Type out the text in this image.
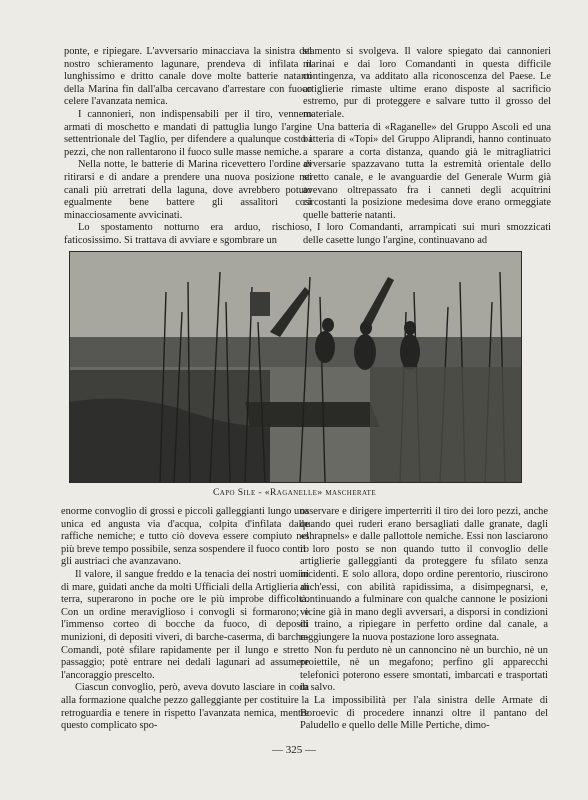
ponte, e ripiegare. L'avversario minacciava la sinistra del nostro schieramento lagunare, prendeva di infilata il lunghissimo e dritto canale dove molte batterie natanti della Marina fin dall'alba cercavano d'arrestare con fuoco celere l'avanzata nemica.

I cannonieri, non indispensabili per il tiro, vennero armati di moschetto e mandati di pattuglia lungo l'argine settentrionale del Taglio, per difendere a qualunque costo i pezzi, che non rallentarono il fuoco sulle masse nemiche.

Nella notte, le batterie di Marina ricevettero l'ordine di ritirarsi e di andare a prendere una nuova posizione nei canali più arretrati della laguna, dove avrebbero potuto egualmente bene battere gli assalitori così minacciosamente avvicinati.

Lo spostamento notturno era arduo, rischioso, faticosissimo. Si trattava di avviare e sgombrare un

stamento si svolgeva. Il valore spiegato dai cannonieri marinai e dai loro Comandanti in questa difficile contingenza, va additato alla riconoscenza del Paese. Le artiglierie rimaste ultime erano disposte al sacrificio estremo, pur di proteggere e salvare tutto il grosso del materiale.

Una batteria di «Raganelle» del Gruppo Ascoli ed una batteria di «Topi» del Gruppo Aliprandi, hanno continuato a sparare a corta distanza, quando già le mitragliatrici avversarie spazzavano tutta la estremità orientale dello stretto canale, e le avanguardie del Generale Wurm già avevano oltrepassato fra i canneti degli acquitrini circostanti la posizione medesima dove erano ormeggiate quelle batterie natanti.

I loro Comandanti, arrampicati sui muri smozzicati delle casette lungo l'argine, continuavano ad

Capo Sile - «Raganelle» mascherate

enorme convoglio di grossi e piccoli galleggianti lungo una unica ed angusta via d'acqua, colpita d'infilata dalle raffiche nemiche; e tutto ciò doveva essere compiuto nel più breve tempo possibile, senza sospendere il fuoco contro gli austriaci che avanzavano.

Il valore, il sangue freddo e la tenacia dei nostri uomini di mare, guidati anche da molti Ufficiali della Artiglieria di terra, superarono in poche ore le più improbe difficoltà. Con un ordine meraviglioso i convogli si formarono; e l'immenso corteo di bocche da fuoco, di depositi munizioni, di depositi viveri, di barche-caserma, di barche-Comandi, potè sfilare rapidamente per il lungo e stretto passaggio; potè entrare nei dedali lagunari ad assumere l'ancoraggio prescelto.

Ciascun convoglio, però, aveva dovuto lasciare in coda alla formazione qualche pezzo galleggiante per costituire la retroguardia e tenere in rispetto l'avanzata nemica, mentre questo complicato spo-

osservare e dirigere imperterriti il tiro dei loro pezzi, anche quando quei ruderi erano bersagliati dalle granate, dagli «shrapnels» e dalle pallottole nemiche. Essi non lasciarono il loro posto se non quando tutto il convoglio delle artiglierie galleggianti da proteggere fu sfilato senza incidenti. E solo allora, dopo ordine perentorio, riuscirono anch'essi, con abilità rapidissima, a disimpegnarsi, e, continuando a fulminare con qualche cannone le posizioni vicine già in mano degli avversari, a disporsi in condizioni di traino, a ripiegare in perfetto ordine dal canale, a raggiungere la nuova postazione loro assegnata.

Non fu perduto nè un cannoncino nè un burchio, nè un proiettile, nè un megafono; perfino gli apparecchi telefonici poterono essere smontati, imbarcati e trasportati in salvo.

La impossibilità per l'ala sinistra delle Armate di Boroevic di procedere innanzi oltre il pantano del Paludello e quello delle Mille Pertiche, dimo-

— 325 —
